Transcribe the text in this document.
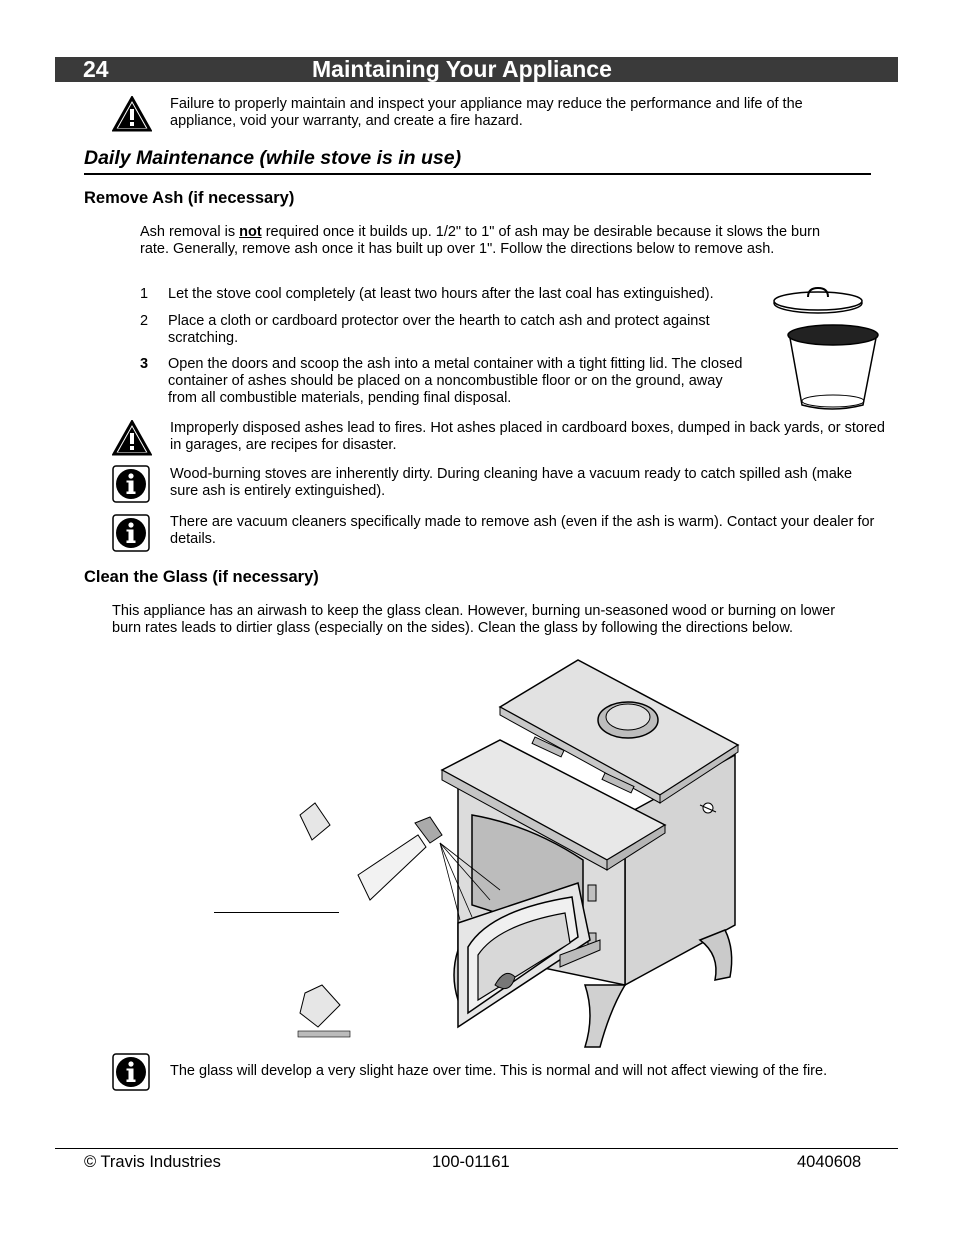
24	Maintaining Your Appliance
Failure to properly maintain and inspect your appliance may reduce the performance and life of the appliance, void your warranty, and create a fire hazard.
Daily Maintenance (while stove is in use)
Remove Ash (if necessary)
Ash removal is not required once it builds up. 1/2" to 1" of ash may be desirable because it slows the burn rate. Generally, remove ash once it has built up over 1". Follow the directions below to remove ash.
1 Let the stove cool completely (at least two hours after the last coal has extinguished).
2 Place a cloth or cardboard protector over the hearth to catch ash and protect against scratching.
3 Open the doors and scoop the ash into a metal container with a tight fitting lid. The closed container of ashes should be placed on a noncombustible floor or on the ground, away from all combustible materials, pending final disposal.
Improperly disposed ashes lead to fires. Hot ashes placed in cardboard boxes, dumped in back yards, or stored in garages, are recipes for disaster.
Wood-burning stoves are inherently dirty. During cleaning have a vacuum ready to catch spilled ash (make sure ash is entirely extinguished).
There are vacuum cleaners specifically made to remove ash (even if the ash is warm). Contact your dealer for details.
Clean the Glass (if necessary)
This appliance has an airwash to keep the glass clean. However, burning un-seasoned wood or burning on lower burn rates leads to dirtier glass (especially on the sides). Clean the glass by following the directions below.
The glass will develop a very slight haze over time. This is normal and will not affect viewing of the fire.
© Travis Industries	100-01161	4040608
